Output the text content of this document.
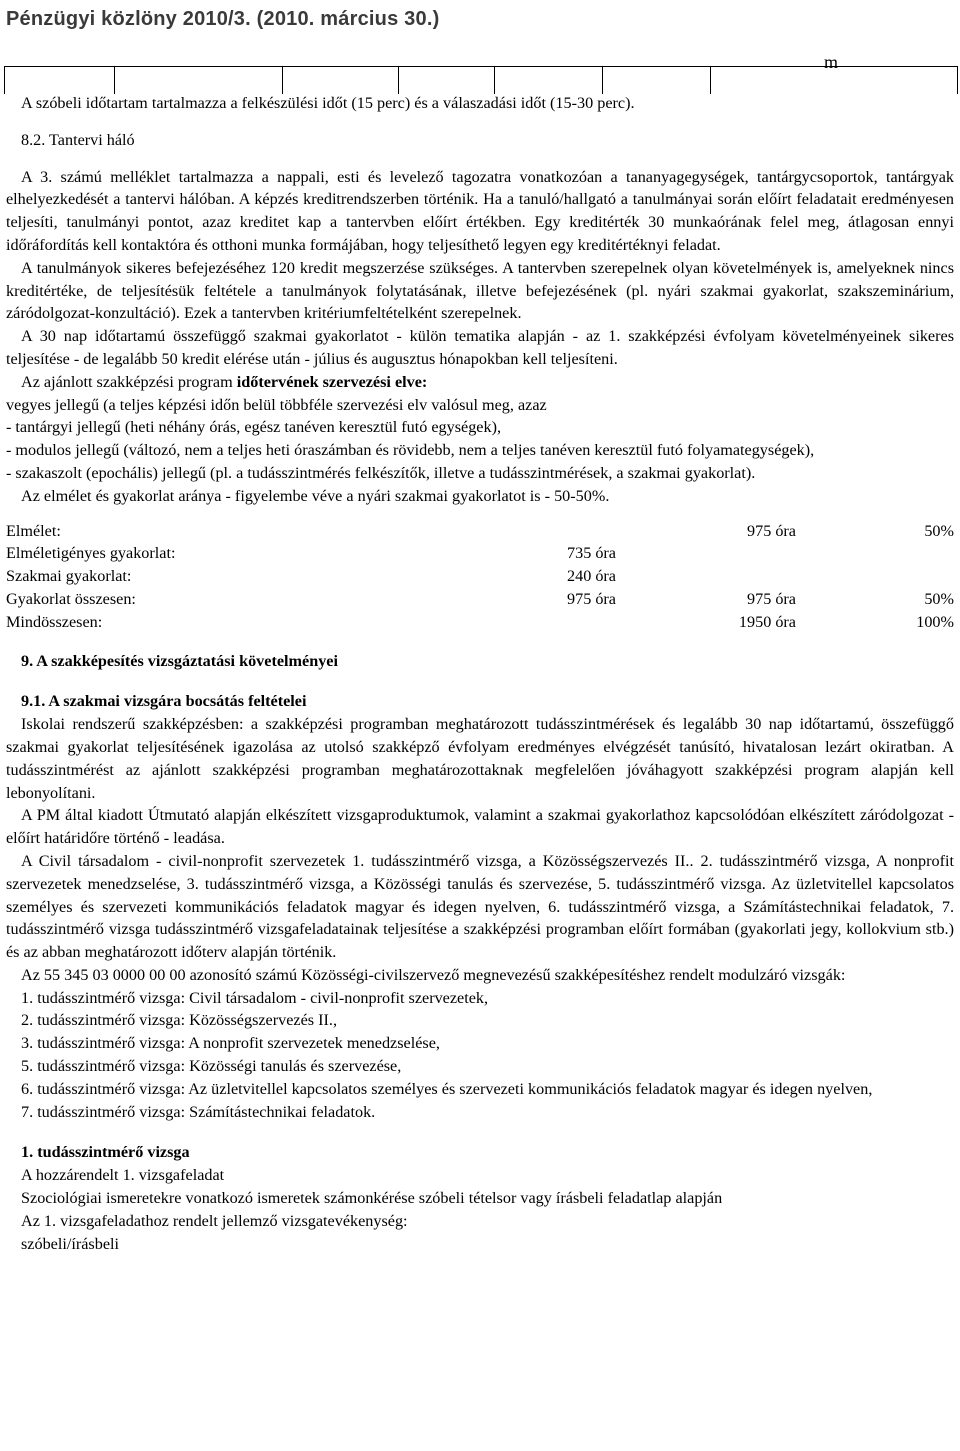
Pénzügyi közlöny 2010/3. (2010. március 30.)
m

A szóbeli időtartam tartalmazza a felkészülési időt (15 perc) és a válaszadási időt (15-30 perc).

8.2. Tantervi háló

A 3. számú melléklet tartalmazza a nappali, esti és levelező tagozatra vonatkozóan a tananyagegységek, tantárgycsoportok, tantárgyak elhelyezkedését a tantervi hálóban. A képzés kreditrendszerben történik. Ha a tanuló/hallgató a tanulmányai során előírt feladatait eredményesen teljesíti, tanulmányi pontot, azaz kreditet kap a tantervben előírt értékben. Egy kreditérték 30 munkaórának felel meg, átlagosan ennyi időráfordítás kell kontaktóra és otthoni munka formájában, hogy teljesíthető legyen egy kreditértéknyi feladat.

A tanulmányok sikeres befejezéséhez 120 kredit megszerzése szükséges. A tantervben szerepelnek olyan követelmények is, amelyeknek nincs kreditértéke, de teljesítésük feltétele a tanulmányok folytatásának, illetve befejezésének (pl. nyári szakmai gyakorlat, szakszeminárium, záródolgozat-konzultáció). Ezek a tantervben kritériumfeltételként szerepelnek.

A 30 nap időtartamú összefüggő szakmai gyakorlatot - külön tematika alapján - az 1. szakképzési évfolyam követelményeinek sikeres teljesítése - de legalább 50 kredit elérése után - július és augusztus hónapokban kell teljesíteni.

Az ajánlott szakképzési program időtervének szervezési elve:

vegyes jellegű (a teljes képzési időn belül többféle szervezési elv valósul meg, azaz

- tantárgyi jellegű (heti néhány órás, egész tanéven keresztül futó egységek),

- modulos jellegű (változó, nem a teljes heti óraszámban és rövidebb, nem a teljes tanéven keresztül futó folyamategységek),

- szakaszolt (epochális) jellegű (pl. a tudásszintmérés felkészítők, illetve a tudásszintmérések, a szakmai gyakorlat).

Az elmélet és gyakorlat aránya - figyelembe véve a nyári szakmai gyakorlatot is - 50-50%.

Elmélet:		975 óra	50%
Elméletigényes gyakorlat:	735 óra		
Szakmai gyakorlat:	240 óra		
Gyakorlat összesen:	975 óra	975 óra	50%
Mindösszesen:		1950 óra	100%

9. A szakképesítés vizsgáztatási követelményei

9.1. A szakmai vizsgára bocsátás feltételei

Iskolai rendszerű szakképzésben: a szakképzési programban meghatározott tudásszintmérések és legalább 30 nap időtartamú, összefüggő szakmai gyakorlat teljesítésének igazolása az utolsó szakképző évfolyam eredményes elvégzését tanúsító, hivatalosan lezárt okiratban. A tudásszintmérést az ajánlott szakképzési programban meghatározottaknak megfelelően jóváhagyott szakképzési program alapján kell lebonyolítani.

A PM által kiadott Útmutató alapján elkészített vizsgaproduktumok, valamint a szakmai gyakorlathoz kapcsolódóan elkészített záródolgozat - előírt határidőre történő - leadása.

A Civil társadalom - civil-nonprofit szervezetek 1. tudásszintmérő vizsga, a Közösségszervezés II.. 2. tudásszintmérő vizsga, A nonprofit szervezetek menedzselése, 3. tudásszintmérő vizsga, a Közösségi tanulás és szervezése, 5. tudásszintmérő vizsga. Az üzletvitellel kapcsolatos személyes és szervezeti kommunikációs feladatok magyar és idegen nyelven, 6. tudásszintmérő vizsga, a Számítástechnikai feladatok, 7. tudásszintmérő vizsga tudásszintmérő vizsgafeladatainak teljesítése a szakképzési programban előírt formában (gyakorlati jegy, kollokvium stb.) és az abban meghatározott időterv alapján történik.

Az 55 345 03 0000 00 00 azonosító számú Közösségi-civilszervező megnevezésű szakképesítéshez rendelt modulzáró vizsgák:

1. tudásszintmérő vizsga: Civil társadalom - civil-nonprofit szervezetek,

2. tudásszintmérő vizsga: Közösségszervezés II.,

3. tudásszintmérő vizsga: A nonprofit szervezetek menedzselése,

5. tudásszintmérő vizsga: Közösségi tanulás és szervezése,

6. tudásszintmérő vizsga: Az üzletvitellel kapcsolatos személyes és szervezeti kommunikációs feladatok magyar és idegen nyelven,

7. tudásszintmérő vizsga: Számítástechnikai feladatok.

1. tudásszintmérő vizsga

A hozzárendelt 1. vizsgafeladat

Szociológiai ismeretekre vonatkozó ismeretek számonkérése szóbeli tételsor vagy írásbeli feladatlap alapján

Az 1. vizsgafeladathoz rendelt jellemző vizsgatevékenység:

szóbeli/írásbeli
